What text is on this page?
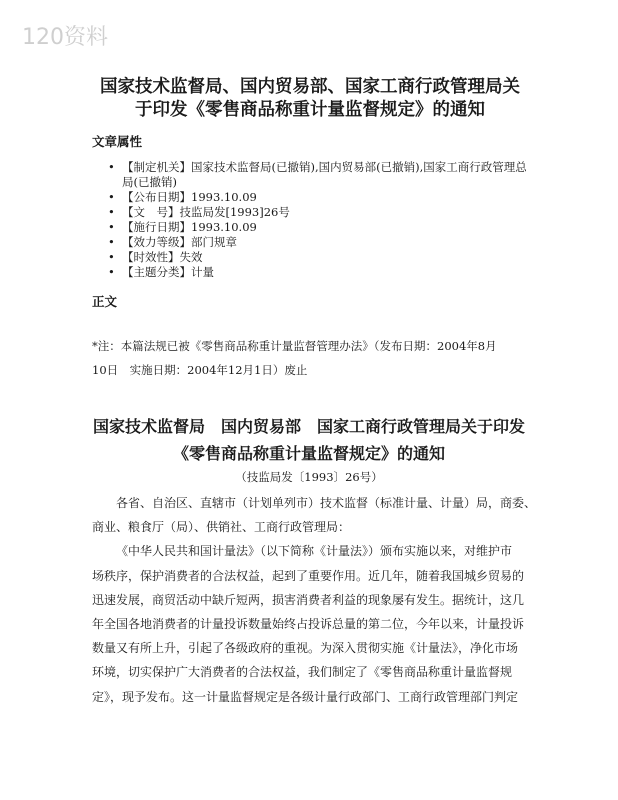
120资料
国家技术监督局、国内贸易部、国家工商行政管理局关
于印发《零售商品称重计量监督规定》的通知
文章属性
• 【制定机关】国家技术监督局(已撤销),国内贸易部(已撤销),国家工商行政管理总局(已撤销)
• 【公布日期】1993.10.09
• 【文　号】技监局发[1993]26号
• 【施行日期】1993.10.09
• 【效力等级】部门规章
• 【时效性】失效
• 【主题分类】计量
正文

*注：本篇法规已被《零售商品称重计量监督管理办法》（发布日期：2004年8月
10日　实施日期：2004年12月1日）废止

国家技术监督局　国内贸易部　国家工商行政管理局关于印发
《零售商品称重计量监督规定》的通知
（技监局发〔1993〕26号）
各省、自治区、直辖市（计划单列市）技术监督（标准计量、计量）局，商委、
商业、粮食厅（局）、供销社、工商行政管理局：
《中华人民共和国计量法》（以下简称《计量法》）颁布实施以来，对维护市
场秩序，保护消费者的合法权益，起到了重要作用。近几年，随着我国城乡贸易的
迅速发展，商贸活动中缺斤短两，损害消费者利益的现象屡有发生。据统计，这几
年全国各地消费者的计量投诉数量始终占投诉总量的第二位，今年以来，计量投诉
数量又有所上升，引起了各级政府的重视。为深入贯彻实施《计量法》，净化市场
环境，切实保护广大消费者的合法权益，我们制定了《零售商品称重计量监督规
定》，现予发布。这一计量监督规定是各级计量行政部门、工商行政管理部门判定
